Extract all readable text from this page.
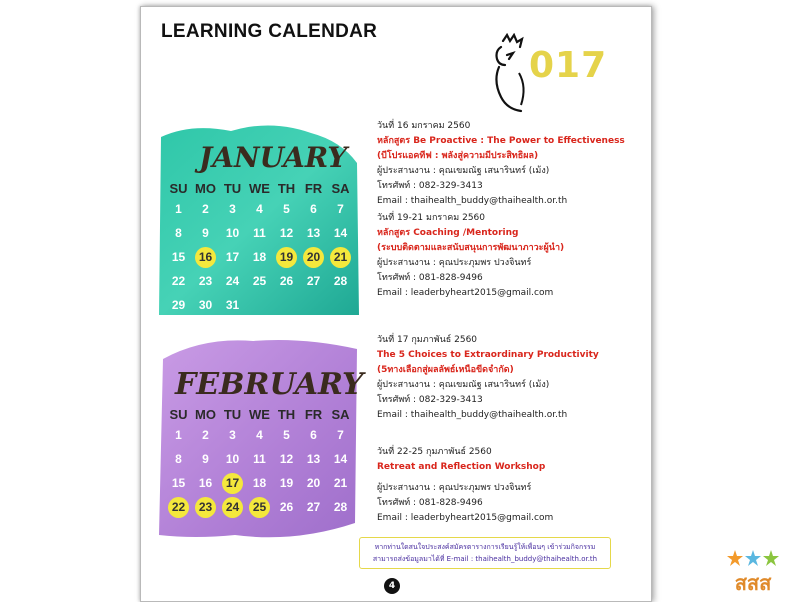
LEARNING CALENDAR
017
JANUARY
SU MO TU WE TH FR SA
1 2 3 4 5 6 7
8 9 10 11 12 13 14
15	16	17 18	19	20	21
22 23 24 25 26 27 28
29 30 31
FEBRUARY
SU MO TU WE TH FR SA
1 2 3 4 5 6 7
8 9 10 11 12 13 14
15 16	17	18 19 20 21
22	23	24	25	26 27 28
วันที่ 16 มกราคม 2560
หลักสูตร Be Proactive : The Power to Effectiveness
(บีโปรแอคทีฟ : พลังสู่ความมีประสิทธิผล)
ผู้ประสานงาน : คุณเขมณัฐ เสนารินทร์ (เม้ง)
โทรศัพท์ : 082-329-3413
Email : thaihealth_buddy@thaihealth.or.th
วันที่ 19-21 มกราคม 2560
หลักสูตร Coaching /Mentoring
(ระบบติดตามและสนับสนุนการพัฒนาภาวะผู้นำ)
ผู้ประสานงาน : คุณประภุมพร ปวงจินทร์
โทรศัพท์ : 081-828-9496
Email : leaderbyheart2015@gmail.com
วันที่ 17 กุมภาพันธ์ 2560
The 5 Choices to Extraordinary Productivity
(5ทางเลือกสู่ผลลัพธ์เหนือขีดจำกัด)
ผู้ประสานงาน : คุณเขมณัฐ เสนารินทร์ (เม้ง)
โทรศัพท์ : 082-329-3413
Email : thaihealth_buddy@thaihealth.or.th
วันที่ 22-25 กุมภาพันธ์ 2560
Retreat and Reflection Workshop
ผู้ประสานงาน : คุณประภุมพร ปวงจินทร์
โทรศัพท์ : 081-828-9496
Email : leaderbyheart2015@gmail.com
หากท่านใดสนใจประสงค์สมัครตารางการเรียนรู้ให้เพื่อนๆ เข้าร่วมกิจกรรม
สามารถส่งข้อมูลมาได้ที่ E-mail : thaihealth_buddy@thaihealth.or.th
4	สสส
